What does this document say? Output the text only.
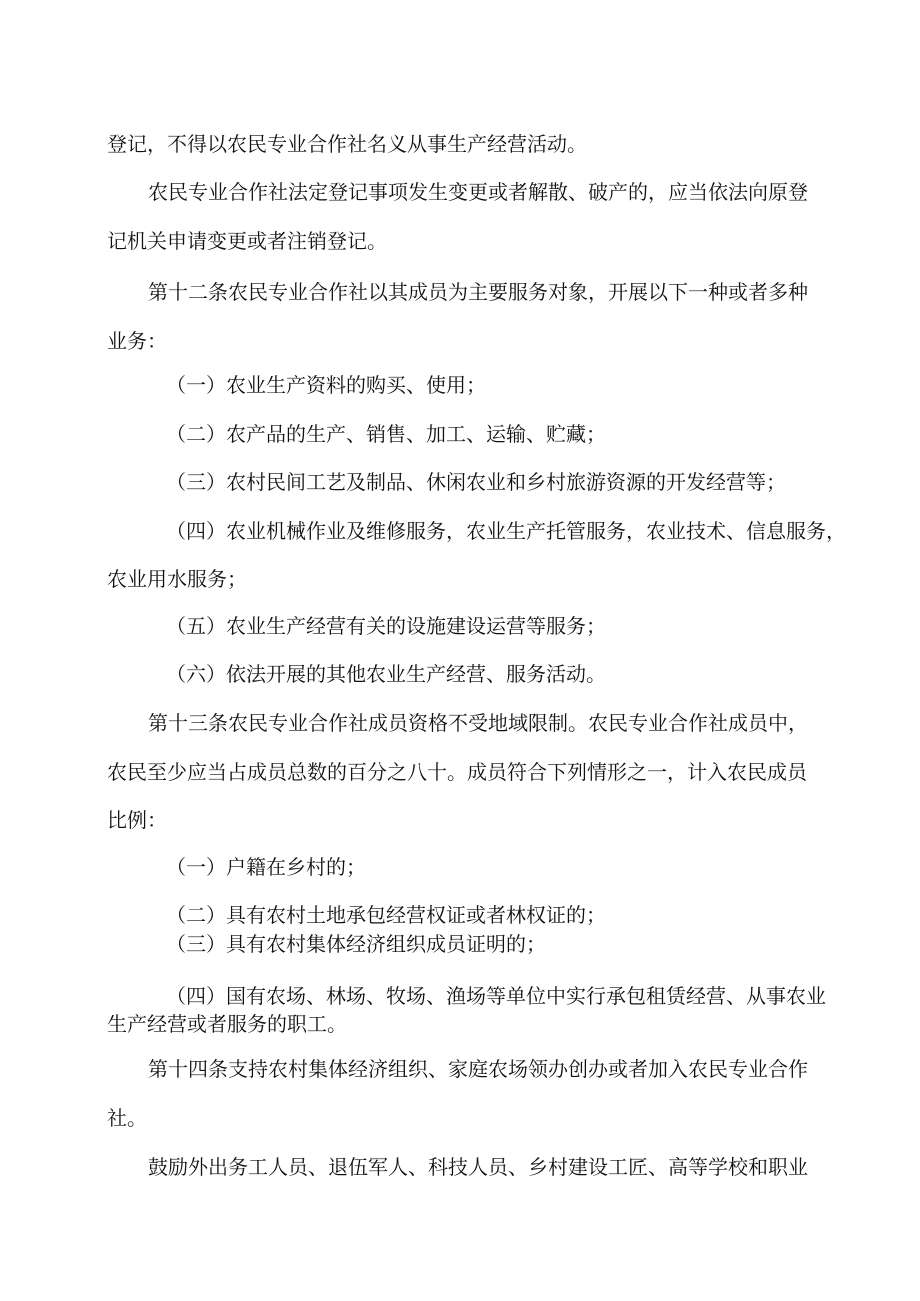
登记，不得以农民专业合作社名义从事生产经营活动。
农民专业合作社法定登记事项发生变更或者解散、破产的，应当依法向原登
记机关申请变更或者注销登记。
第十二条农民专业合作社以其成员为主要服务对象，开展以下一种或者多种
业务：
（一）农业生产资料的购买、使用；
（二）农产品的生产、销售、加工、运输、贮藏；
（三）农村民间工艺及制品、休闲农业和乡村旅游资源的开发经营等；
（四）农业机械作业及维修服务，农业生产托管服务，农业技术、信息服务，
农业用水服务；
（五）农业生产经营有关的设施建设运营等服务；
（六）依法开展的其他农业生产经营、服务活动。
第十三条农民专业合作社成员资格不受地域限制。农民专业合作社成员中，
农民至少应当占成员总数的百分之八十。成员符合下列情形之一，计入农民成员
比例：
（一）户籍在乡村的；
（二）具有农村土地承包经营权证或者林权证的；
（三）具有农村集体经济组织成员证明的；
（四）国有农场、林场、牧场、渔场等单位中实行承包租赁经营、从事农业
生产经营或者服务的职工。
第十四条支持农村集体经济组织、家庭农场领办创办或者加入农民专业合作
社。
鼓励外出务工人员、退伍军人、科技人员、乡村建设工匠、高等学校和职业
